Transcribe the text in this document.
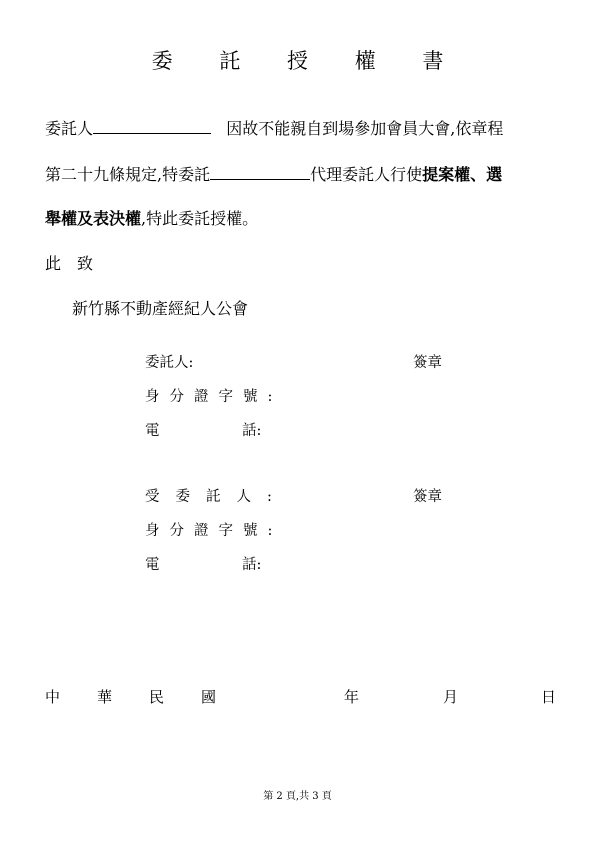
委 託 授 權 書
委託人	因故不能親自到場參加會員大會,依章程
第二十九條規定,特委託	代理委託人行使提案權、選
舉權及表決權,特此委託授權。
此　致
新竹縣不動產經紀人公會
委託人:	簽章
身分證字號:
電	話:
受委託人:	簽章
身分證字號:
電	話:
中 華 民 國	年	月	日
第 2 頁,共 3 頁
